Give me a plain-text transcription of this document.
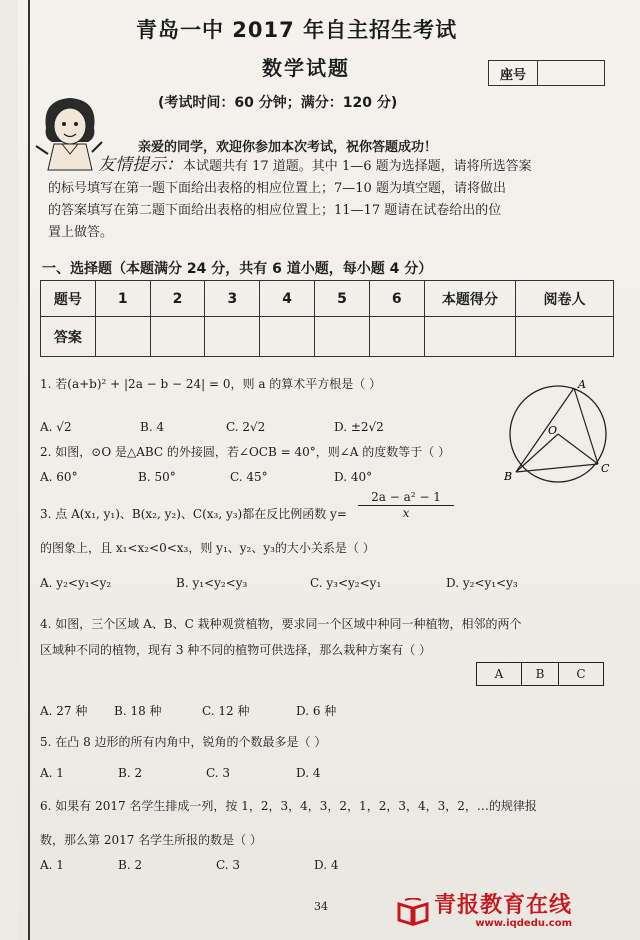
青岛一中 2017 年自主招生考试
数学试题	座号
(考试时间：60 分钟；满分：120 分)
亲爱的同学，欢迎你参加本次考试，祝你答题成功！
友情提示：本试题共有 17 道题。其中 1—6 题为选择题，请将所选答案
的标号填写在第一题下面给出表格的相应位置上；7—10 题为填空题，请将做出
的答案填写在第二题下面给出表格的相应位置上；11—17 题请在试卷给出的位
置上做答。
一、选择题（本题满分 24 分，共有 6 道小题，每小题 4 分）
题号	1	2	3	4	5	6	本题得分	阅卷人
答案								
1. 若(a+b)² + |2a − b − 24| = 0，则 a 的算术平方根是（ ）
A. √2	B. 4	C. 2√2	D. ±2√2
A
B
C
O
2. 如图，⊙O 是△ABC 的外接圆，若∠OCB = 40°，则∠A 的度数等于（ ）
A. 60°	B. 50°	C. 45°	D. 40°
3. 点 A(x₁, y₁)、B(x₂, y₂)、C(x₃, y₃)都在反比例函数 $y= \frac{\text{2a − a² − 1}}{x}$
的图象上，且 x₁<x₂<0<x₃，则 y₁、y₂、y₃的大小关系是（ ）
A. y₂<y₁<y₂	B. y₁<y₂<y₃	C. y₃<y₂<y₁	D. y₂<y₁<y₃
4. 如图，三个区域 A、B、C 栽种观赏植物，要求同一个区域中种同一种植物，相邻的两个
区域种不同的植物，现有 3 种不同的植物可供选择，那么栽种方案有（ ）
A	B	C
A. 27 种 B. 18 种	C. 12 种	D. 6 种
5. 在凸 8 边形的所有内角中，锐角的个数最多是（ ）
A. 1	B. 2	C. 3	D. 4
6. 如果有 2017 名学生排成一列，按 1，2，3，4，3，2，1，2，3，4，3，2，…的规律报
数，那么第 2017 名学生所报的数是（ ）
A. 1	B. 2	C. 3	D. 4
34	青报教育在线
www.iqdedu.com
